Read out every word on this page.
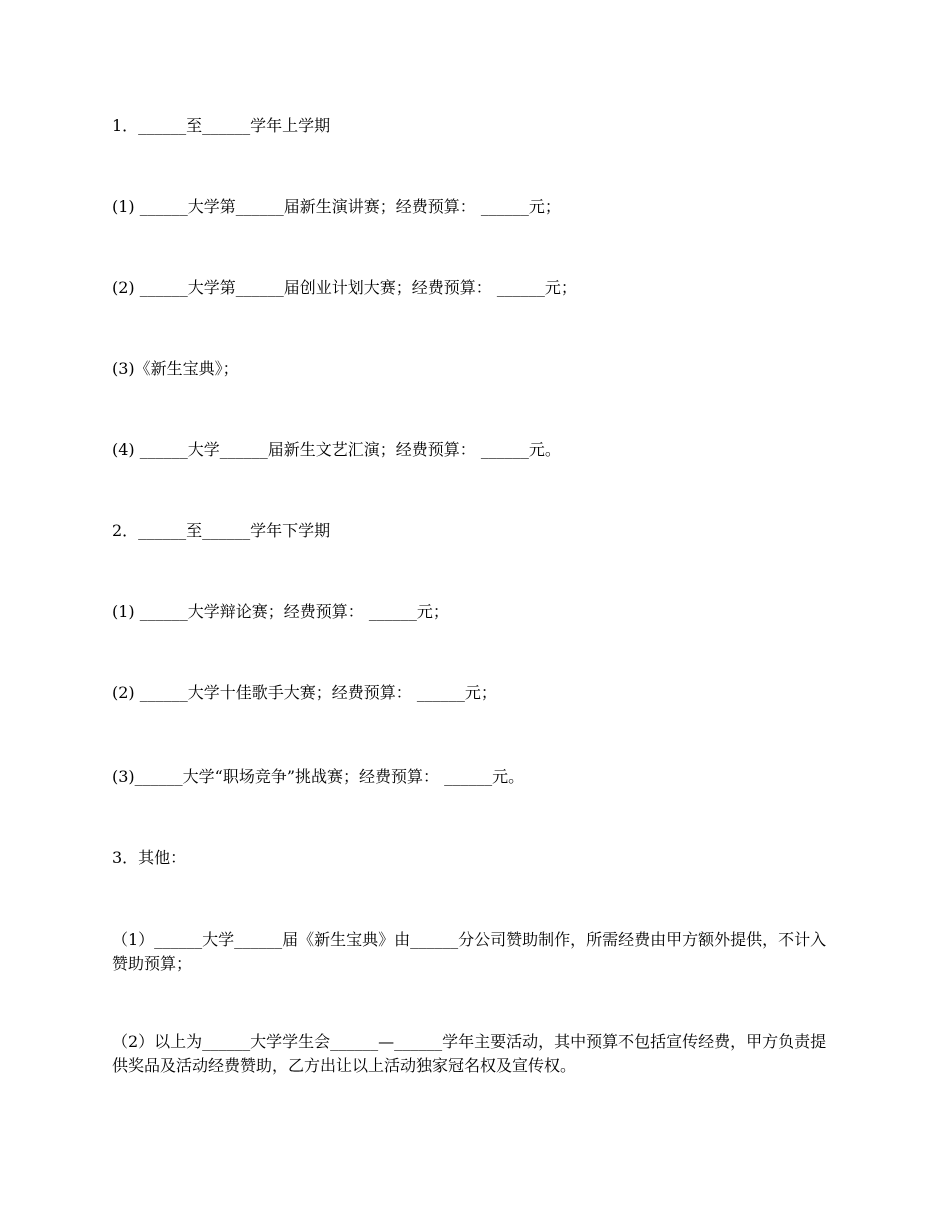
1．______至______学年上学期
(1) ______大学第______届新生演讲赛；经费预算： ______元；
(2) ______大学第______届创业计划大赛；经费预算： ______元；
(3)《新生宝典》；
(4) ______大学______届新生文艺汇演；经费预算： ______元。
2．______至______学年下学期
(1) ______大学辩论赛；经费预算： ______元；
(2) ______大学十佳歌手大赛；经费预算： ______元；
(3)______大学“职场竞争”挑战赛；经费预算： ______元。
3．其他：
（1）______大学______届《新生宝典》由______分公司赞助制作，所需经费由甲方额外提供，不计入赞助预算；
（2）以上为______大学学生会______—______学年主要活动，其中预算不包括宣传经费，甲方负责提供奖品及活动经费赞助，乙方出让以上活动独家冠名权及宣传权。
